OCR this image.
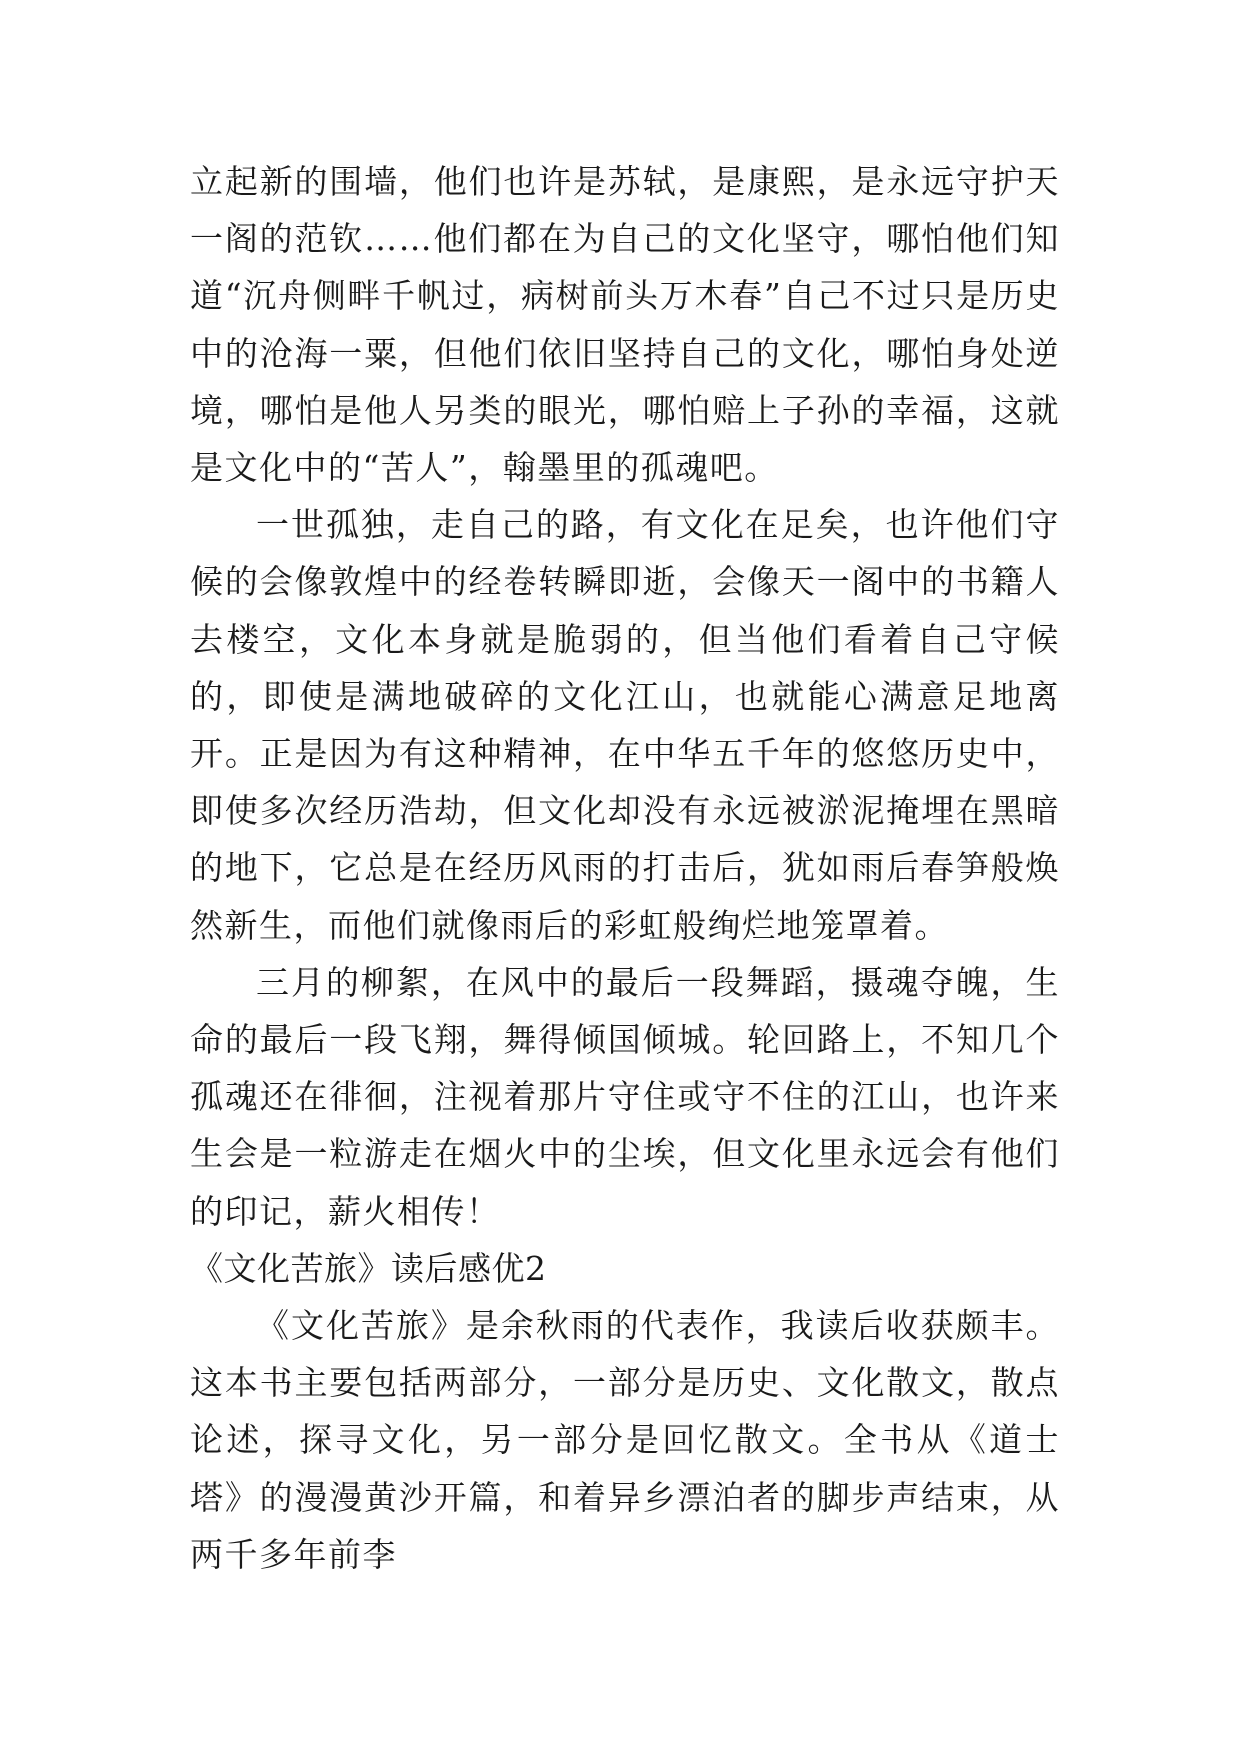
立起新的围墙，他们也许是苏轼，是康熙，是永远守护天一阁的范钦……他们都在为自己的文化坚守，哪怕他们知道“沉舟侧畔千帆过，病树前头万木春”自己不过只是历史中的沧海一粟，但他们依旧坚持自己的文化，哪怕身处逆境，哪怕是他人另类的眼光，哪怕赔上子孙的幸福，这就是文化中的“苦人”，翰墨里的孤魂吧。

一世孤独，走自己的路，有文化在足矣，也许他们守候的会像敦煌中的经卷转瞬即逝，会像天一阁中的书籍人去楼空，文化本身就是脆弱的，但当他们看着自己守候的，即使是满地破碎的文化江山，也就能心满意足地离开。正是因为有这种精神，在中华五千年的悠悠历史中，即使多次经历浩劫，但文化却没有永远被淤泥掩埋在黑暗的地下，它总是在经历风雨的打击后，犹如雨后春笋般焕然新生，而他们就像雨后的彩虹般绚烂地笼罩着。

三月的柳絮，在风中的最后一段舞蹈，摄魂夺魄，生命的最后一段飞翔，舞得倾国倾城。轮回路上，不知几个孤魂还在徘徊，注视着那片守住或守不住的江山，也许来生会是一粒游走在烟火中的尘埃，但文化里永远会有他们的印记，薪火相传！

《文化苦旅》读后感优2

《文化苦旅》是余秋雨的代表作，我读后收获颇丰。这本书主要包括两部分，一部分是历史、文化散文，散点论述，探寻文化，另一部分是回忆散文。全书从《道士塔》的漫漫黄沙开篇，和着异乡漂泊者的脚步声结束，从两千多年前李
